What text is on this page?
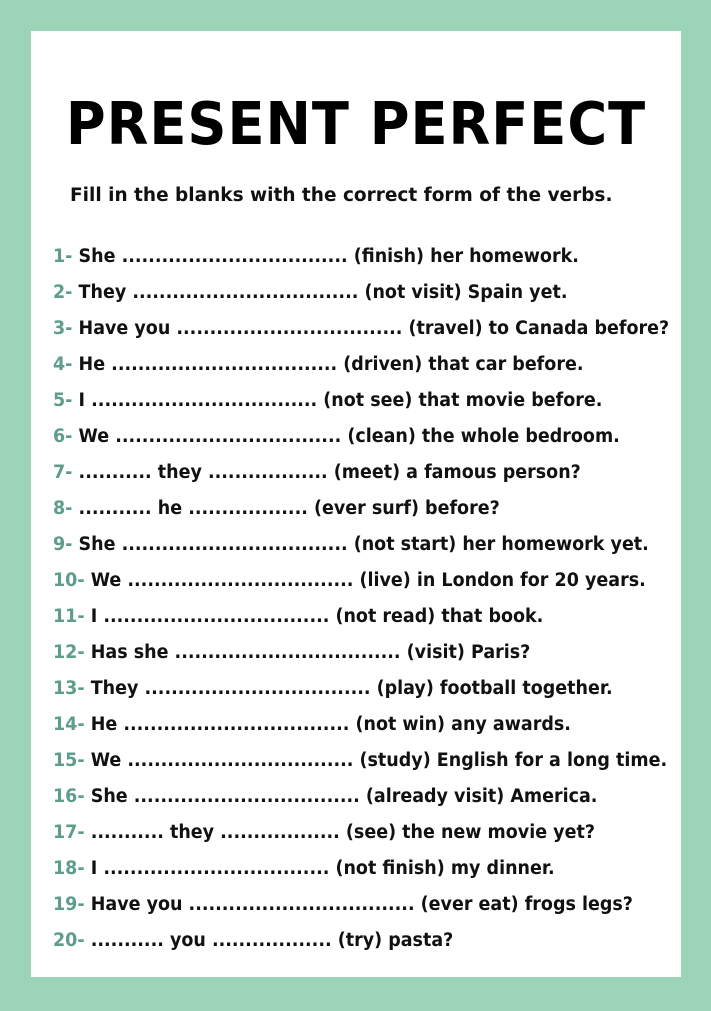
PRESENT PERFECT
Fill in the blanks with the correct form of the verbs.
1- She .................................. (finish) her homework.
2- They .................................. (not visit) Spain yet.
3- Have you .................................. (travel) to Canada before?
4- He .................................. (driven) that car before.
5- I .................................. (not see) that movie before.
6- We .................................. (clean) the whole bedroom.
7- ........... they .................. (meet) a famous person?
8- ........... he .................. (ever surf) before?
9- She .................................. (not start) her homework yet.
10- We .................................. (live) in London for 20 years.
11- I .................................. (not read) that book.
12- Has she .................................. (visit) Paris?
13- They .................................. (play) football together.
14- He .................................. (not win) any awards.
15- We .................................. (study) English for a long time.
16- She .................................. (already visit) America.
17- ........... they .................. (see) the new movie yet?
18- I .................................. (not finish) my dinner.
19- Have you .................................. (ever eat) frogs legs?
20- ........... you .................. (try) pasta?
